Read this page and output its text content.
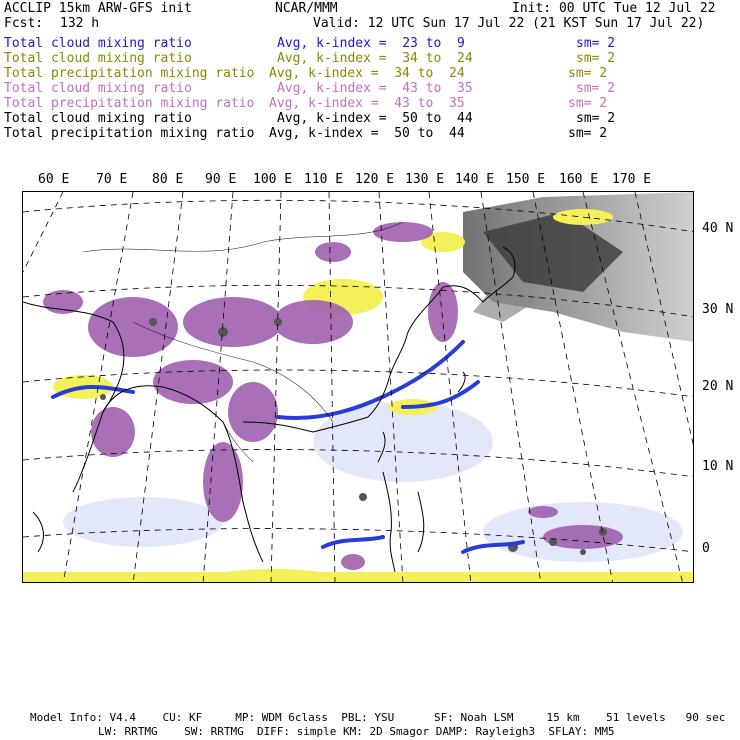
ACCLIP 15km ARW-GFS init	NCAR/MMM	Init: 00 UTC Tue 12 Jul 22
Fcst: 132 h	Valid: 12 UTC Sun 17 Jul 22 (21 KST Sun 17 Jul 22)
Total cloud mixing ratio	Avg, k-index =  23 to  9	sm= 2
Total cloud mixing ratio	Avg, k-index =  34 to  24	sm= 2
Total precipitation mixing ratio Avg, k-index =  34 to  24	sm= 2
Total cloud mixing ratio	Avg, k-index =  43 to  35	sm= 2
Total precipitation mixing ratio Avg, k-index =  43 to  35	sm= 2
Total cloud mixing ratio	Avg, k-index =  50 to  44	sm= 2
Total precipitation mixing ratio Avg, k-index =  50 to  44	sm= 2
60 E 70 E 80 E 90 E 100 E 110 E 120 E 130 E 140 E 150 E 160 E 170 E
40 N
30 N
20 N
10 N
0
Model Info: V4.4    CU: KF     MP: WDM 6class  PBL: YSU      SF: Noah LSM     15 km    51 levels   90 sec
LW: RRTMG    SW: RRTMG  DIFF: simple KM: 2D Smagor DAMP: Rayleigh3  SFLAY: MM5
